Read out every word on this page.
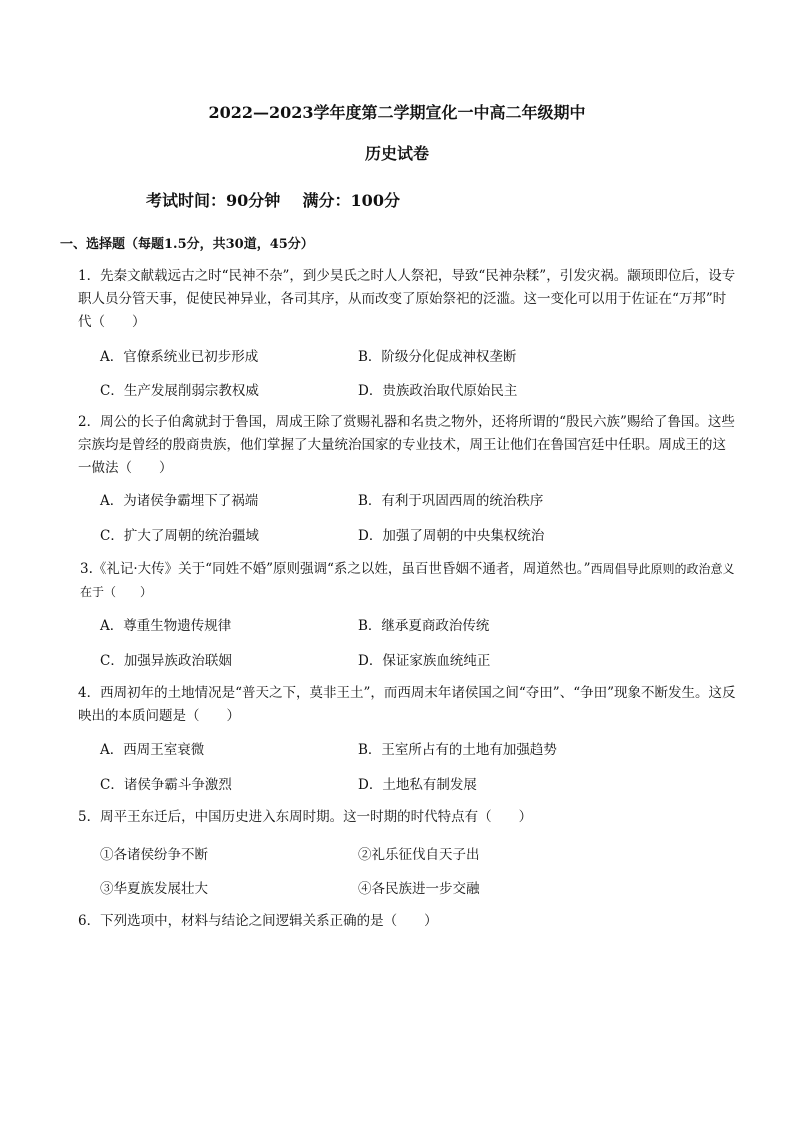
2022—2023学年度第二学期宣化一中高二年级期中
历史试卷
考试时间：90分钟    满分：100分
一、选择题（每题1.5分，共30道，45分）
1．先秦文献载远古之时“民神不杂”，到少昊氏之时人人祭祀，导致“民神杂糅”，引发灾祸。颛顼即位后，设专职人员分管天事，促使民神异业，各司其序，从而改变了原始祭祀的泛滥。这一变化可以用于佐证在“万邦”时代（　　）
A．官僚系统业已初步形成	B．阶级分化促成神权垄断
C．生产发展削弱宗教权威	D．贵族政治取代原始民主
2．周公的长子伯禽就封于鲁国，周成王除了赏赐礼器和名贵之物外，还将所谓的“殷民六族”赐给了鲁国。这些宗族均是曾经的殷商贵族，他们掌握了大量统治国家的专业技术，周王让他们在鲁国宫廷中任职。周成王的这一做法（　　）
A．为诸侯争霸埋下了祸端	B．有利于巩固西周的统治秩序
C．扩大了周朝的统治疆域	D．加强了周朝的中央集权统治
3.《礼记·大传》关于“同姓不婚”原则强调“系之以姓，虽百世昏姻不通者，周道然也。”西周倡导此原则的政治意义在于（　　）
A．尊重生物遗传规律	B．继承夏商政治传统
C．加强异族政治联姻	D．保证家族血统纯正
4．西周初年的土地情况是“普天之下，莫非王土”，而西周末年诸侯国之间“夺田”、“争田”现象不断发生。这反映出的本质问题是（　　）
A．西周王室衰微	B．王室所占有的土地有加强趋势
C．诸侯争霸斗争激烈	D．土地私有制发展
5．周平王东迁后，中国历史进入东周时期。这一时期的时代特点有（　　）
①各诸侯纷争不断	②礼乐征伐自天子出
③华夏族发展壮大	④各民族进一步交融
6．下列选项中，材料与结论之间逻辑关系正确的是（　　）
